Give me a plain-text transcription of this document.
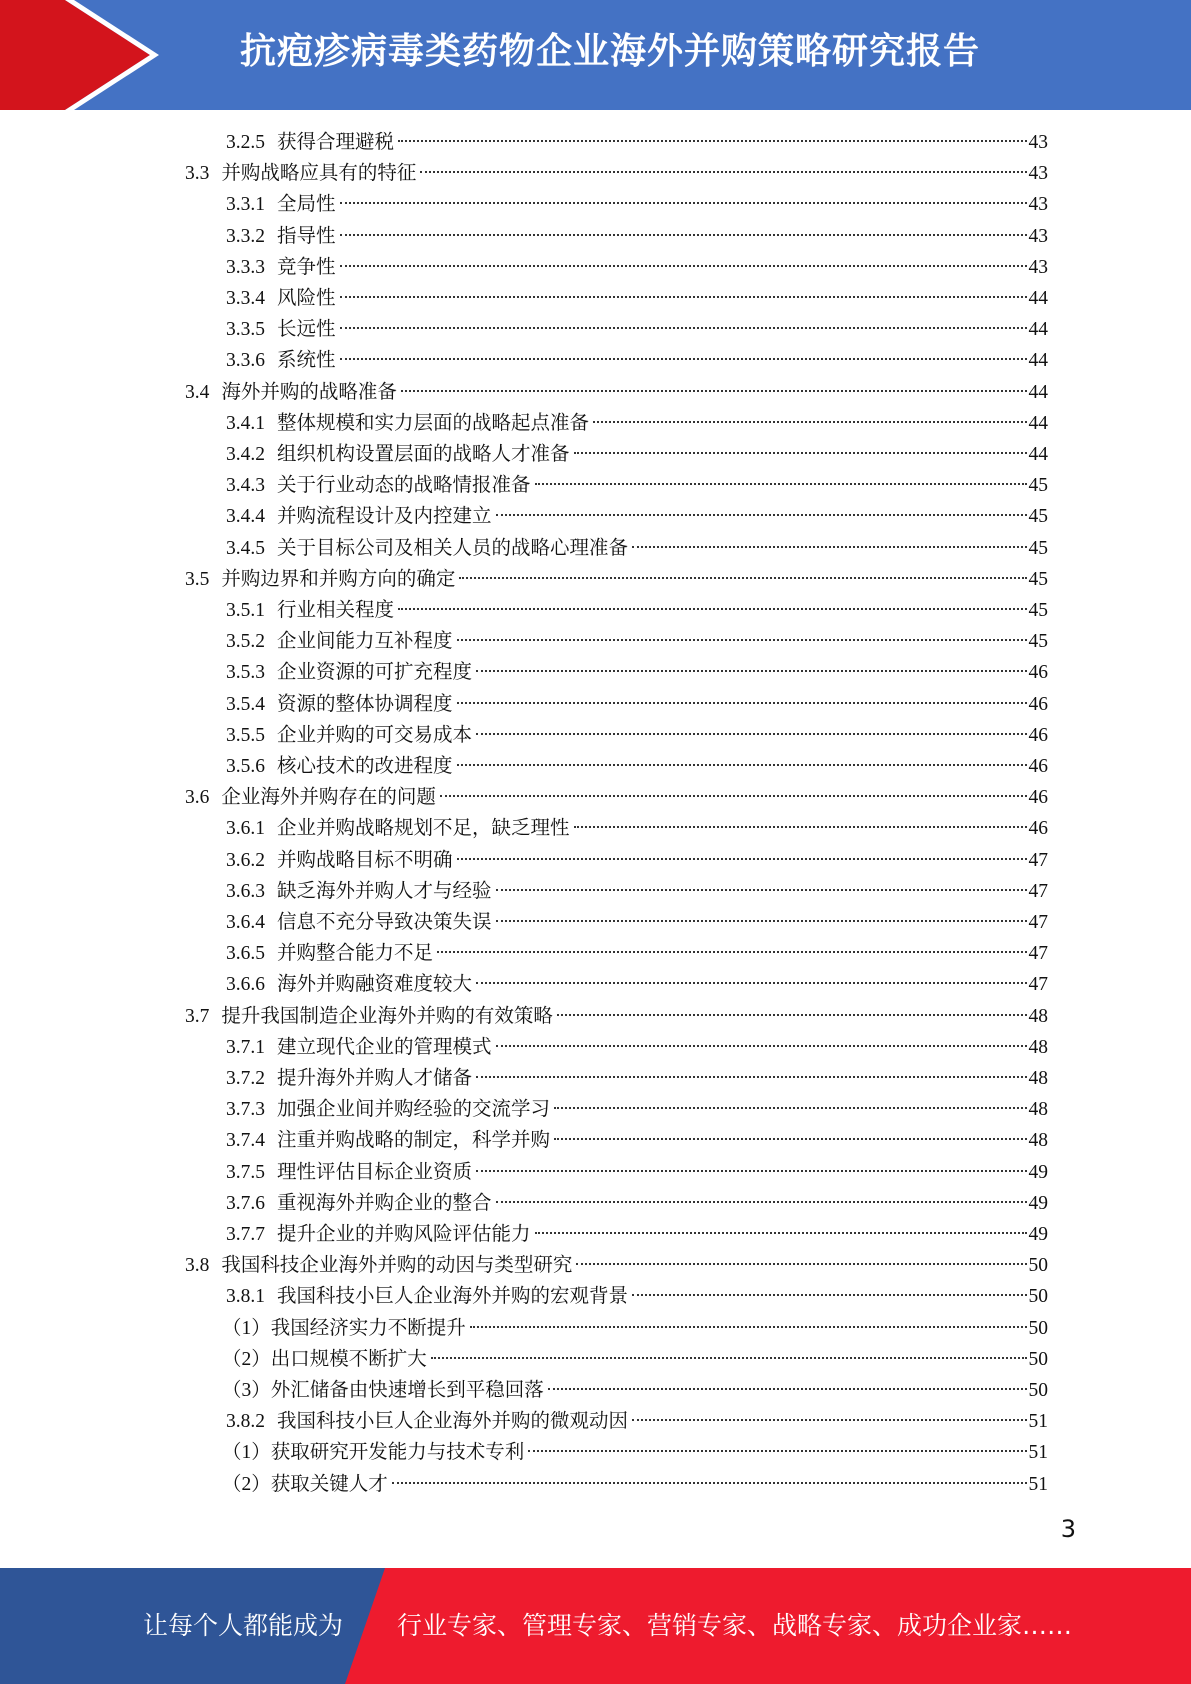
抗疱疹病毒类药物企业海外并购策略研究报告
3.2.5 获得合理避税	43
3.3 并购战略应具有的特征	43
3.3.1 全局性	43
3.3.2 指导性	43
3.3.3 竞争性	43
3.3.4 风险性	44
3.3.5 长远性	44
3.3.6 系统性	44
3.4 海外并购的战略准备	44
3.4.1 整体规模和实力层面的战略起点准备	44
3.4.2 组织机构设置层面的战略人才准备	44
3.4.3 关于行业动态的战略情报准备	45
3.4.4 并购流程设计及内控建立	45
3.4.5 关于目标公司及相关人员的战略心理准备	45
3.5 并购边界和并购方向的确定	45
3.5.1 行业相关程度	45
3.5.2 企业间能力互补程度	45
3.5.3 企业资源的可扩充程度	46
3.5.4 资源的整体协调程度	46
3.5.5 企业并购的可交易成本	46
3.5.6 核心技术的改进程度	46
3.6 企业海外并购存在的问题	46
3.6.1 企业并购战略规划不足，缺乏理性	46
3.6.2 并购战略目标不明确	47
3.6.3 缺乏海外并购人才与经验	47
3.6.4 信息不充分导致决策失误	47
3.6.5 并购整合能力不足	47
3.6.6 海外并购融资难度较大	47
3.7 提升我国制造企业海外并购的有效策略	48
3.7.1 建立现代企业的管理模式	48
3.7.2 提升海外并购人才储备	48
3.7.3 加强企业间并购经验的交流学习	48
3.7.4 注重并购战略的制定，科学并购	48
3.7.5 理性评估目标企业资质	49
3.7.6 重视海外并购企业的整合	49
3.7.7 提升企业的并购风险评估能力	49
3.8 我国科技企业海外并购的动因与类型研究	50
3.8.1 我国科技小巨人企业海外并购的宏观背景	50
（1）我国经济实力不断提升	50
（2）出口规模不断扩大	50
（3）外汇储备由快速增长到平稳回落	50
3.8.2 我国科技小巨人企业海外并购的微观动因	51
（1）获取研究开发能力与技术专利	51
（2）获取关键人才	51
3
让每个人都能成为 行业专家、管理专家、营销专家、战略专家、成功企业家……
